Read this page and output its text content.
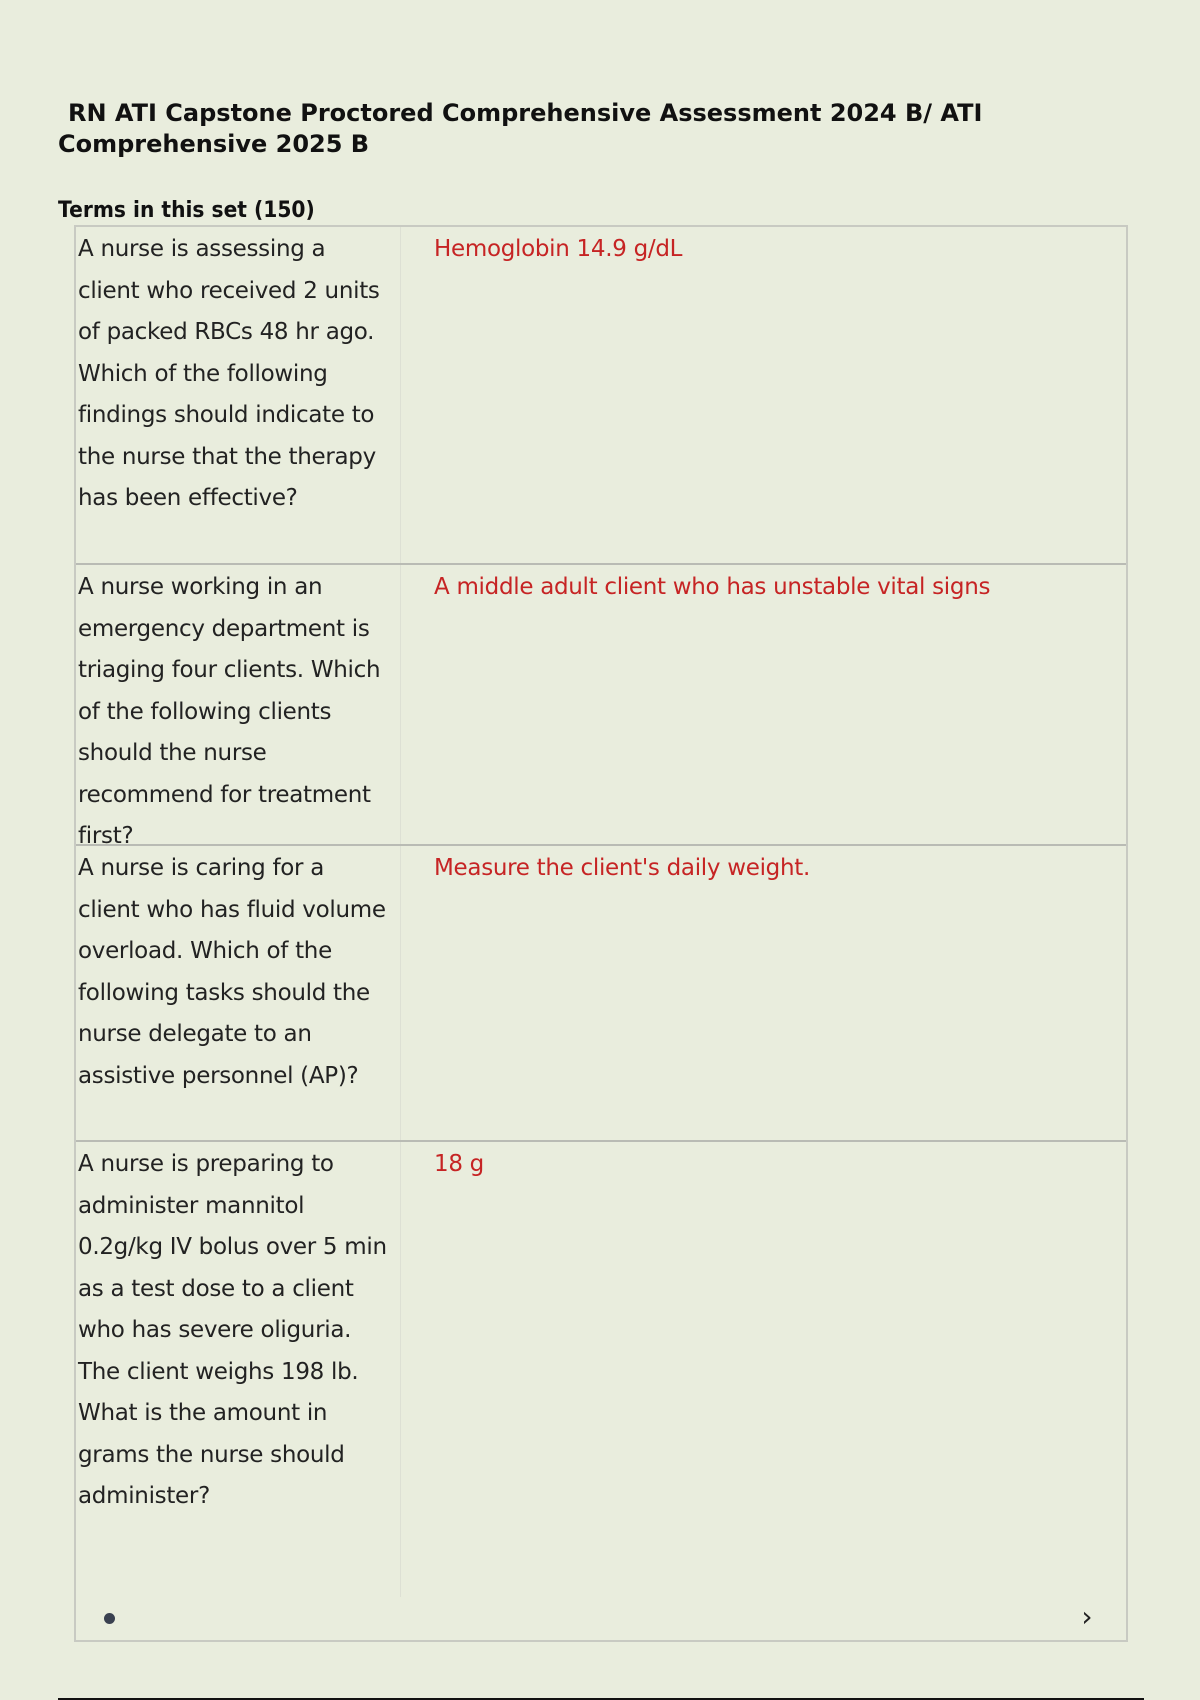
RN ATI Capstone Proctored Comprehensive Assessment 2024 B/ ATI Comprehensive 2025 B
Terms in this set (150)
A nurse is assessing a client who received 2 units of packed RBCs 48 hr ago. Which of the following findings should indicate to the nurse that the therapy has been effective?
Hemoglobin 14.9 g/dL
A nurse working in an emergency department is triaging four clients. Which of the following clients should the nurse recommend for treatment first?
A middle adult client who has unstable vital signs
A nurse is caring for a client who has fluid volume overload. Which of the following tasks should the nurse delegate to an assistive personnel (AP)?
Measure the client's daily weight.
A nurse is preparing to administer mannitol 0.2g/kg IV bolus over 5 min as a test dose to a client who has severe oliguria. The client weighs 198 lb. What is the amount in grams the nurse should administer?
18 g
›
